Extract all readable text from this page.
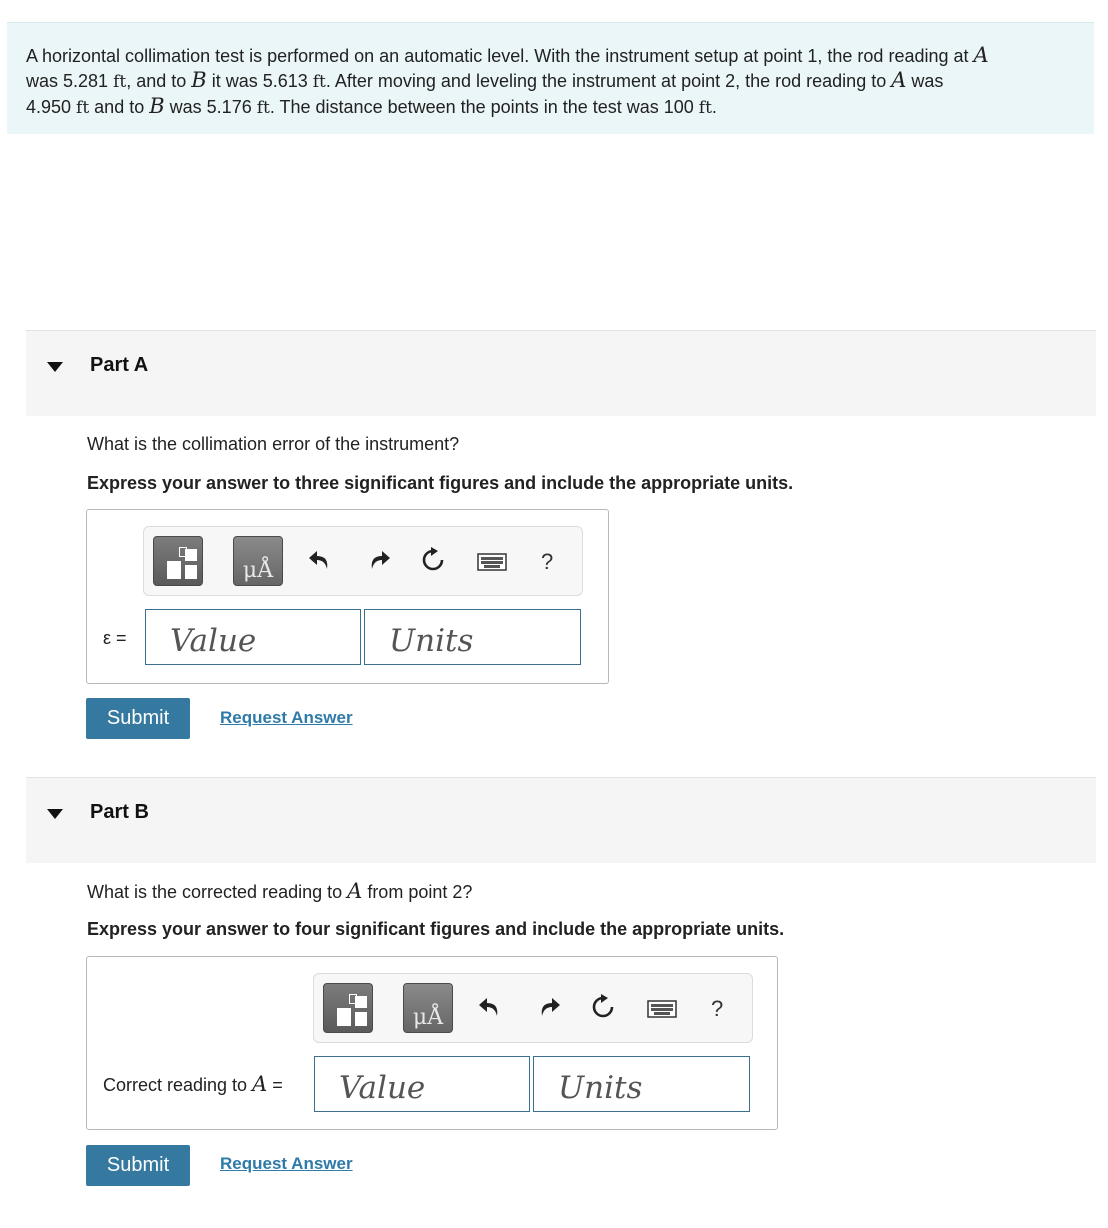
A horizontal collimation test is performed on an automatic level. With the instrument setup at point 1, the rod reading at A
was 5.281 ft, and to B it was 5.613 ft. After moving and leveling the instrument at point 2, the rod reading to A was
4.950 ft and to B was 5.176 ft. The distance between the points in the test was 100 ft.
Part A
What is the collimation error of the instrument?
Express your answer to three significant figures and include the appropriate units.
μÅ	?
ε =
Value
Units
Submit	Request Answer
Part B
What is the corrected reading to A from point 2?
Express your answer to four significant figures and include the appropriate units.
μÅ	?
Correct reading to A =
Value
Units
Submit	Request Answer
